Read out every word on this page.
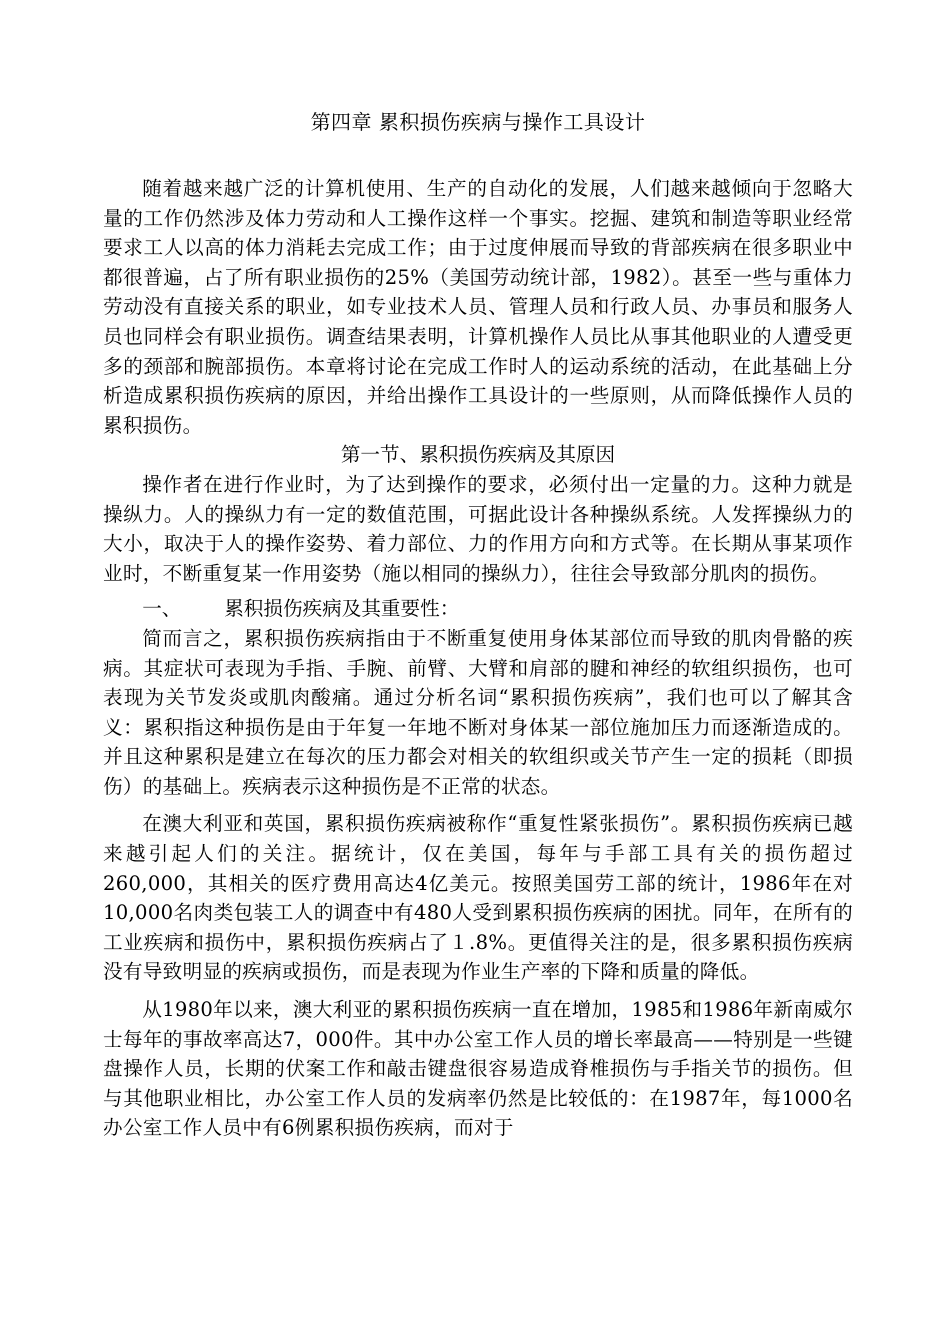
第四章 累积损伤疾病与操作工具设计

随着越来越广泛的计算机使用、生产的自动化的发展，人们越来越倾向于忽略大量的工作仍然涉及体力劳动和人工操作这样一个事实。挖掘、建筑和制造等职业经常要求工人以高的体力消耗去完成工作；由于过度伸展而导致的背部疾病在很多职业中都很普遍，占了所有职业损伤的25%（美国劳动统计部，1982）。甚至一些与重体力劳动没有直接关系的职业，如专业技术人员、管理人员和行政人员、办事员和服务人员也同样会有职业损伤。调查结果表明，计算机操作人员比从事其他职业的人遭受更多的颈部和腕部损伤。本章将讨论在完成工作时人的运动系统的活动，在此基础上分析造成累积损伤疾病的原因，并给出操作工具设计的一些原则，从而降低操作人员的累积损伤。

第一节、累积损伤疾病及其原因

操作者在进行作业时，为了达到操作的要求，必须付出一定量的力。这种力就是操纵力。人的操纵力有一定的数值范围，可据此设计各种操纵系统。人发挥操纵力的大小，取决于人的操作姿势、着力部位、力的作用方向和方式等。在长期从事某项作业时，不断重复某一作用姿势（施以相同的操纵力），往往会导致部分肌肉的损伤。

一、 累积损伤疾病及其重要性：

简而言之，累积损伤疾病指由于不断重复使用身体某部位而导致的肌肉骨骼的疾病。其症状可表现为手指、手腕、前臂、大臂和肩部的腱和神经的软组织损伤，也可表现为关节发炎或肌肉酸痛。通过分析名词“累积损伤疾病”，我们也可以了解其含义：累积指这种损伤是由于年复一年地不断对身体某一部位施加压力而逐渐造成的。并且这种累积是建立在每次的压力都会对相关的软组织或关节产生一定的损耗（即损伤）的基础上。疾病表示这种损伤是不正常的状态。

在澳大利亚和英国，累积损伤疾病被称作“重复性紧张损伤”。累积损伤疾病已越来越引起人们的关注。据统计，仅在美国，每年与手部工具有关的损伤超过260,000，其相关的医疗费用高达4亿美元。按照美国劳工部的统计，1986年在对10,000名肉类包装工人的调查中有480人受到累积损伤疾病的困扰。同年，在所有的工业疾病和损伤中，累积损伤疾病占了１.8%。更值得关注的是，很多累积损伤疾病没有导致明显的疾病或损伤，而是表现为作业生产率的下降和质量的降低。

从1980年以来，澳大利亚的累积损伤疾病一直在增加，1985和1986年新南威尔士每年的事故率高达7，000件。其中办公室工作人员的增长率最高——特别是一些键盘操作人员，长期的伏案工作和敲击键盘很容易造成脊椎损伤与手指关节的损伤。但与其他职业相比，办公室工作人员的发病率仍然是比较低的：在1987年，每1000名办公室工作人员中有6例累积损伤疾病，而对于
